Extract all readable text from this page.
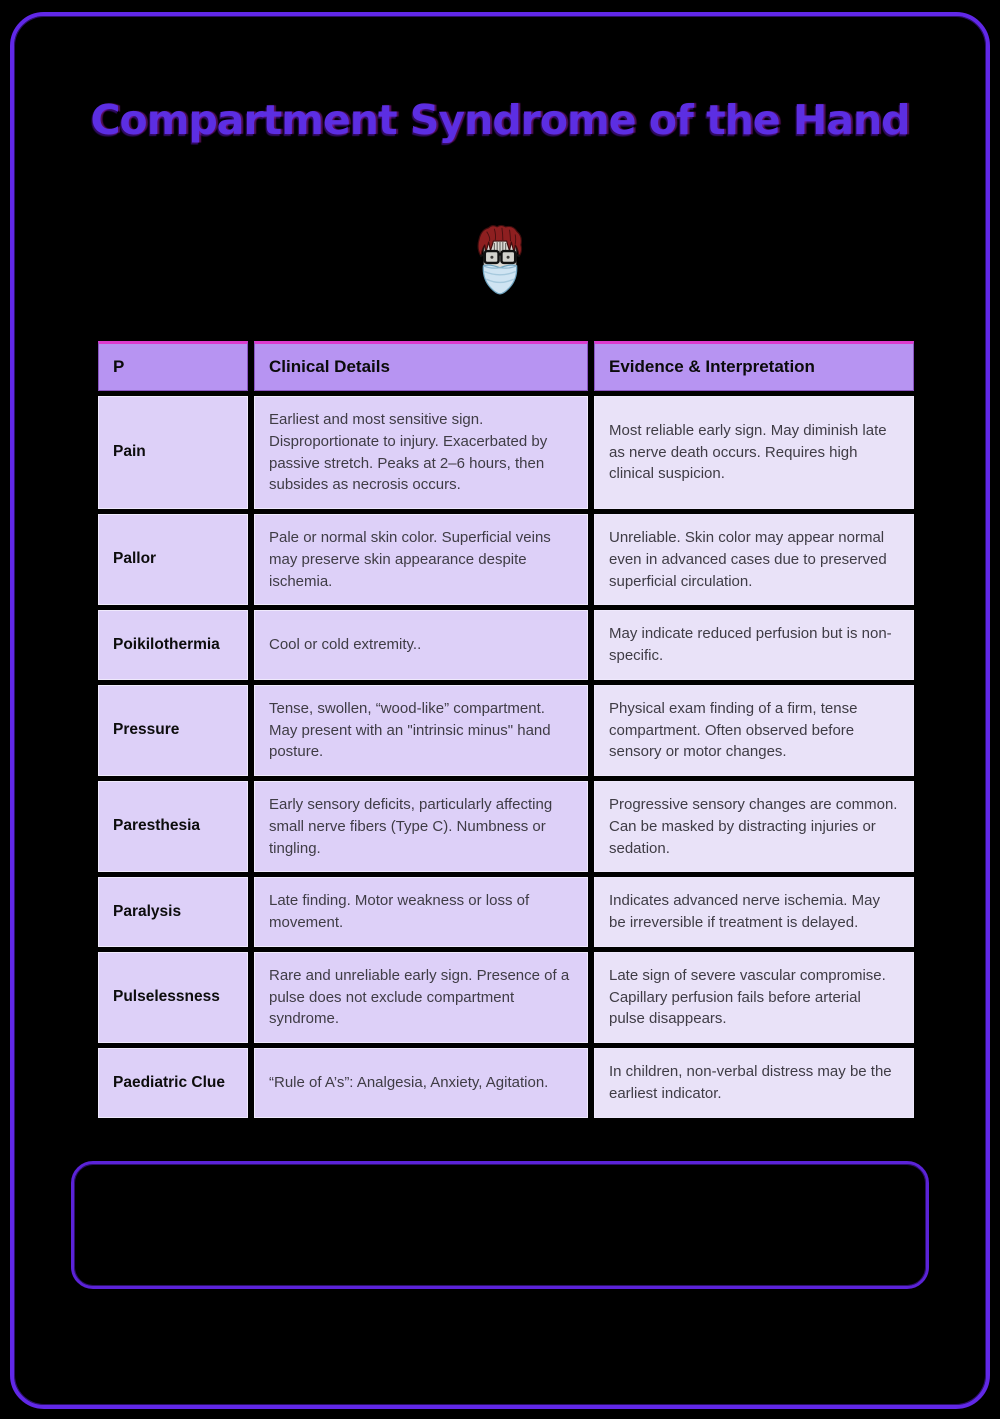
Compartment Syndrome of the Hand
P	Clinical Details	Evidence & Interpretation
Pain	Earliest and most sensitive sign. Disproportionate to injury. Exacerbated by passive stretch. Peaks at 2–6 hours, then subsides as necrosis occurs.	Most reliable early sign. May diminish late as nerve death occurs. Requires high clinical suspicion.
Pallor	Pale or normal skin color. Superficial veins may preserve skin appearance despite ischemia.	Unreliable. Skin color may appear normal even in advanced cases due to preserved superficial circulation.
Poikilothermia	Cool or cold extremity..	May indicate reduced perfusion but is non-specific.
Pressure	Tense, swollen, “wood-like” compartment. May present with an "intrinsic minus" hand posture.	Physical exam finding of a firm, tense compartment. Often observed before sensory or motor changes.
Paresthesia	Early sensory deficits, particularly affecting small nerve fibers (Type C). Numbness or tingling.	Progressive sensory changes are common. Can be masked by distracting injuries or sedation.
Paralysis	Late finding. Motor weakness or loss of movement.	Indicates advanced nerve ischemia. May be irreversible if treatment is delayed.
Pulselessness	Rare and unreliable early sign. Presence of a pulse does not exclude compartment syndrome.	Late sign of severe vascular compromise. Capillary perfusion fails before arterial pulse disappears.
Paediatric Clue	“Rule of A’s”: Analgesia, Anxiety, Agitation.	In children, non-verbal distress may be the earliest indicator.
